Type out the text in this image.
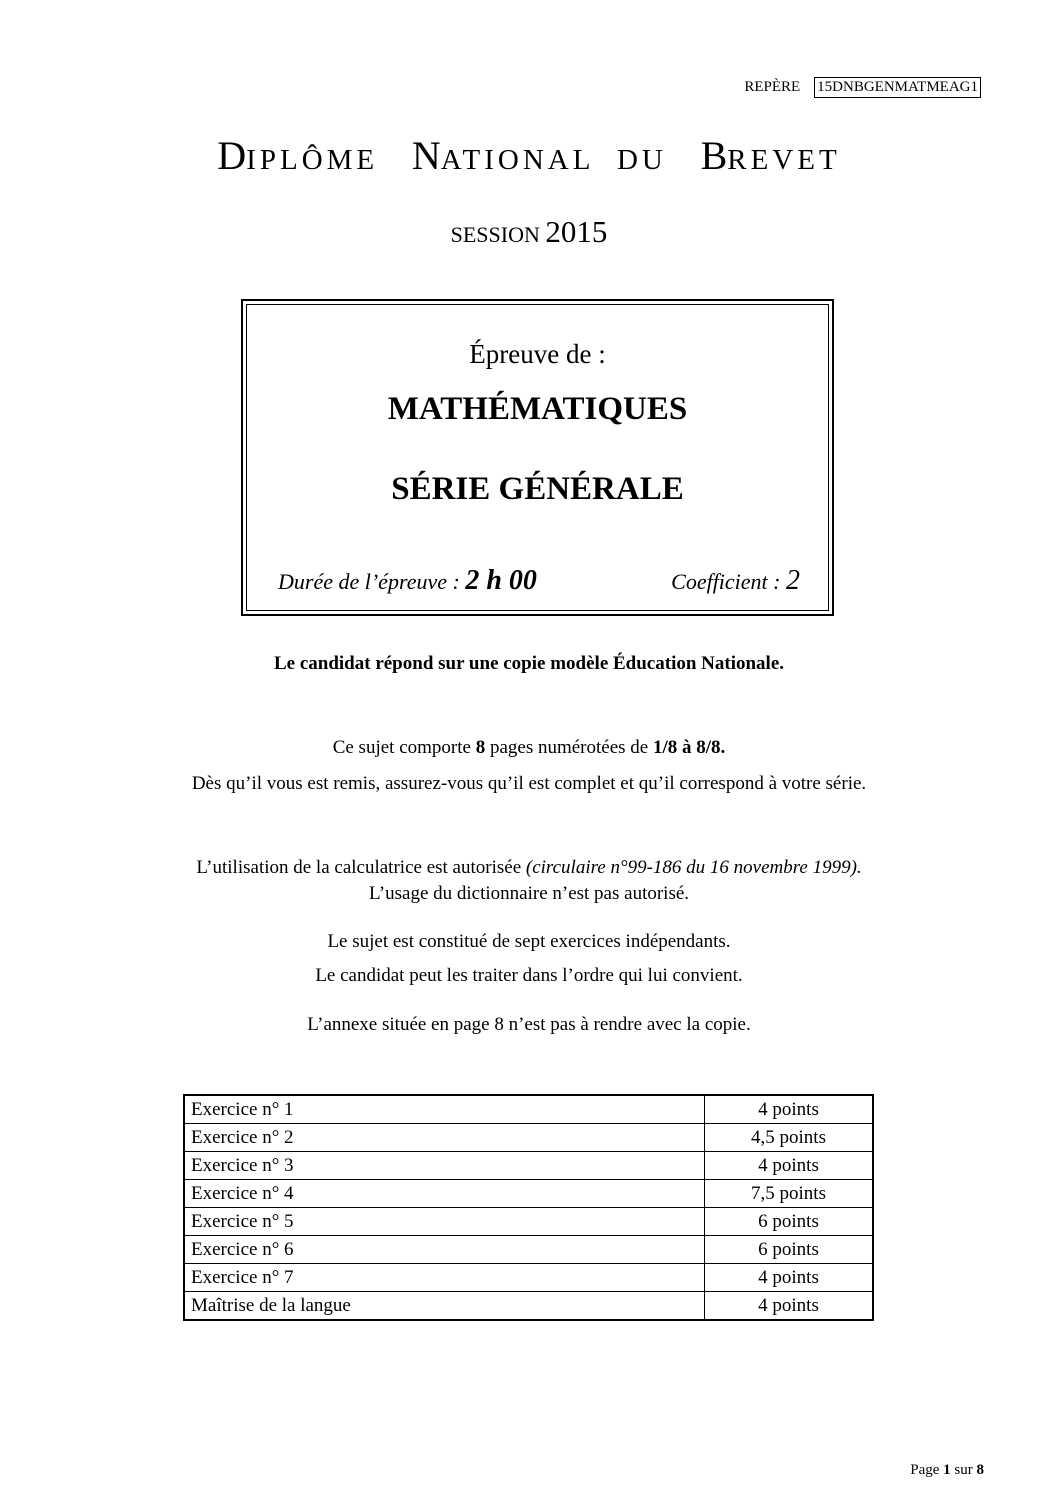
REPÈRE 15DNBGENMATMEAG1
DIPLÔME NATIONAL DU BREVET
SESSION 2015
Épreuve de :
MATHÉMATIQUES
SÉRIE GÉNÉRALE
Durée de l’épreuve : 2 h 00	Coefficient : 2
Le candidat répond sur une copie modèle Éducation Nationale.
Ce sujet comporte 8 pages numérotées de 1/8 à 8/8.
Dès qu’il vous est remis, assurez-vous qu’il est complet et qu’il correspond à votre série.
L’utilisation de la calculatrice est autorisée (circulaire n°99-186 du 16 novembre 1999).
L’usage du dictionnaire n’est pas autorisé.
Le sujet est constitué de sept exercices indépendants.
Le candidat peut les traiter dans l’ordre qui lui convient.
L’annexe située en page 8 n’est pas à rendre avec la copie.
Exercice n° 1	4 points
Exercice n° 2	4,5 points
Exercice n° 3	4 points
Exercice n° 4	7,5 points
Exercice n° 5	6 points
Exercice n° 6	6 points
Exercice n° 7	4 points
Maîtrise de la langue	4 points
Page 1 sur 8
